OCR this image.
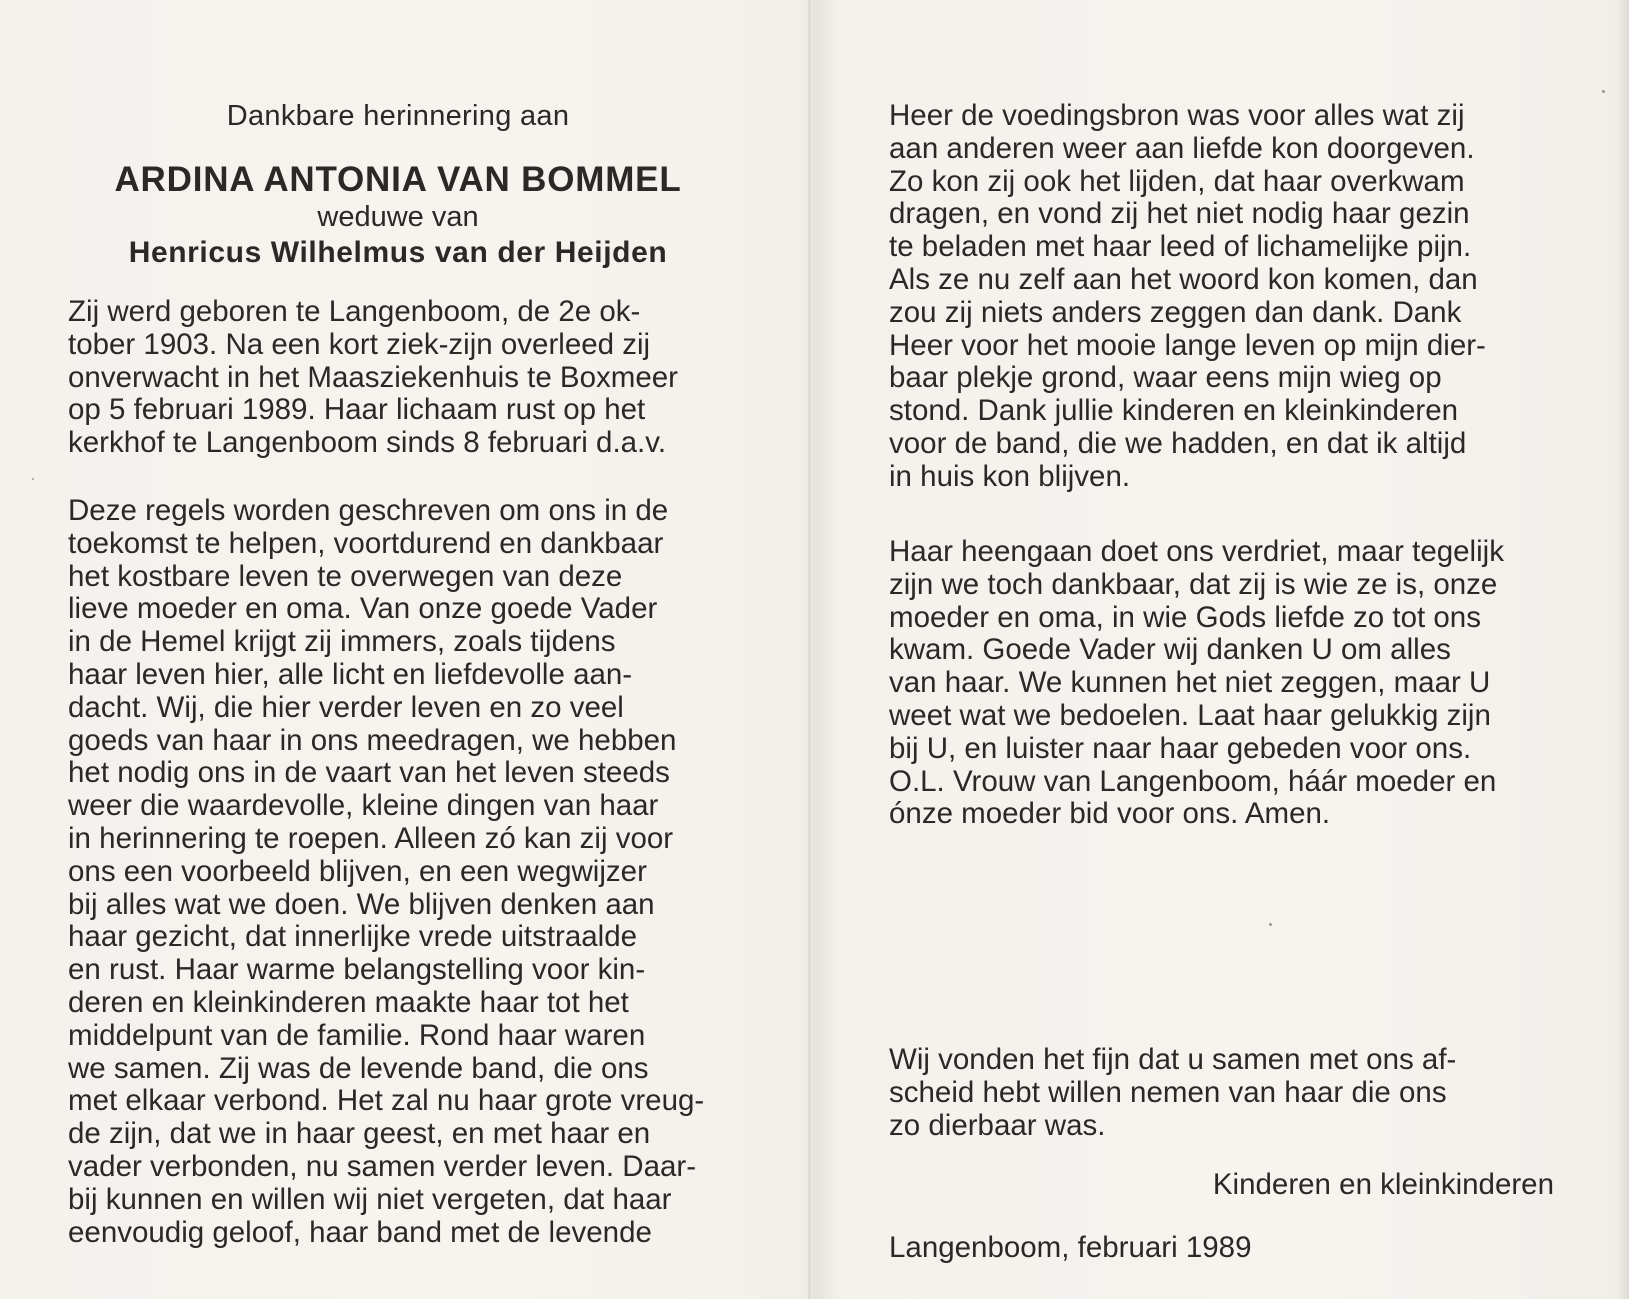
Dankbare herinnering aan
ARDINA ANTONIA VAN BOMMEL
weduwe van
Henricus Wilhelmus van der Heijden
Zij werd geboren te Langenboom, de 2e ok-
tober 1903. Na een kort ziek-zijn overleed zij
onverwacht in het Maasziekenhuis te Boxmeer
op 5 februari 1989. Haar lichaam rust op het
kerkhof te Langenboom sinds 8 februari d.a.v.
Deze regels worden geschreven om ons in de
toekomst te helpen, voortdurend en dankbaar
het kostbare leven te overwegen van deze
lieve moeder en oma. Van onze goede Vader
in de Hemel krijgt zij immers, zoals tijdens
haar leven hier, alle licht en liefdevolle aan-
dacht. Wij, die hier verder leven en zo veel
goeds van haar in ons meedragen, we hebben
het nodig ons in de vaart van het leven steeds
weer die waardevolle, kleine dingen van haar
in herinnering te roepen. Alleen zó kan zij voor
ons een voorbeeld blijven, en een wegwijzer
bij alles wat we doen. We blijven denken aan
haar gezicht, dat innerlijke vrede uitstraalde
en rust. Haar warme belangstelling voor kin-
deren en kleinkinderen maakte haar tot het
middelpunt van de familie. Rond haar waren
we samen. Zij was de levende band, die ons
met elkaar verbond. Het zal nu haar grote vreug-
de zijn, dat we in haar geest, en met haar en
vader verbonden, nu samen verder leven. Daar-
bij kunnen en willen wij niet vergeten, dat haar
eenvoudig geloof, haar band met de levende
Heer de voedingsbron was voor alles wat zij
aan anderen weer aan liefde kon doorgeven.
Zo kon zij ook het lijden, dat haar overkwam
dragen, en vond zij het niet nodig haar gezin
te beladen met haar leed of lichamelijke pijn.
Als ze nu zelf aan het woord kon komen, dan
zou zij niets anders zeggen dan dank. Dank
Heer voor het mooie lange leven op mijn dier-
baar plekje grond, waar eens mijn wieg op
stond. Dank jullie kinderen en kleinkinderen
voor de band, die we hadden, en dat ik altijd
in huis kon blijven.
Haar heengaan doet ons verdriet, maar tegelijk
zijn we toch dankbaar, dat zij is wie ze is, onze
moeder en oma, in wie Gods liefde zo tot ons
kwam. Goede Vader wij danken U om alles
van haar. We kunnen het niet zeggen, maar U
weet wat we bedoelen. Laat haar gelukkig zijn
bij U, en luister naar haar gebeden voor ons.
O.L. Vrouw van Langenboom, háár moeder en
ónze moeder bid voor ons. Amen.
Wij vonden het fijn dat u samen met ons af-
scheid hebt willen nemen van haar die ons
zo dierbaar was.
Kinderen en kleinkinderen
Langenboom, februari 1989
